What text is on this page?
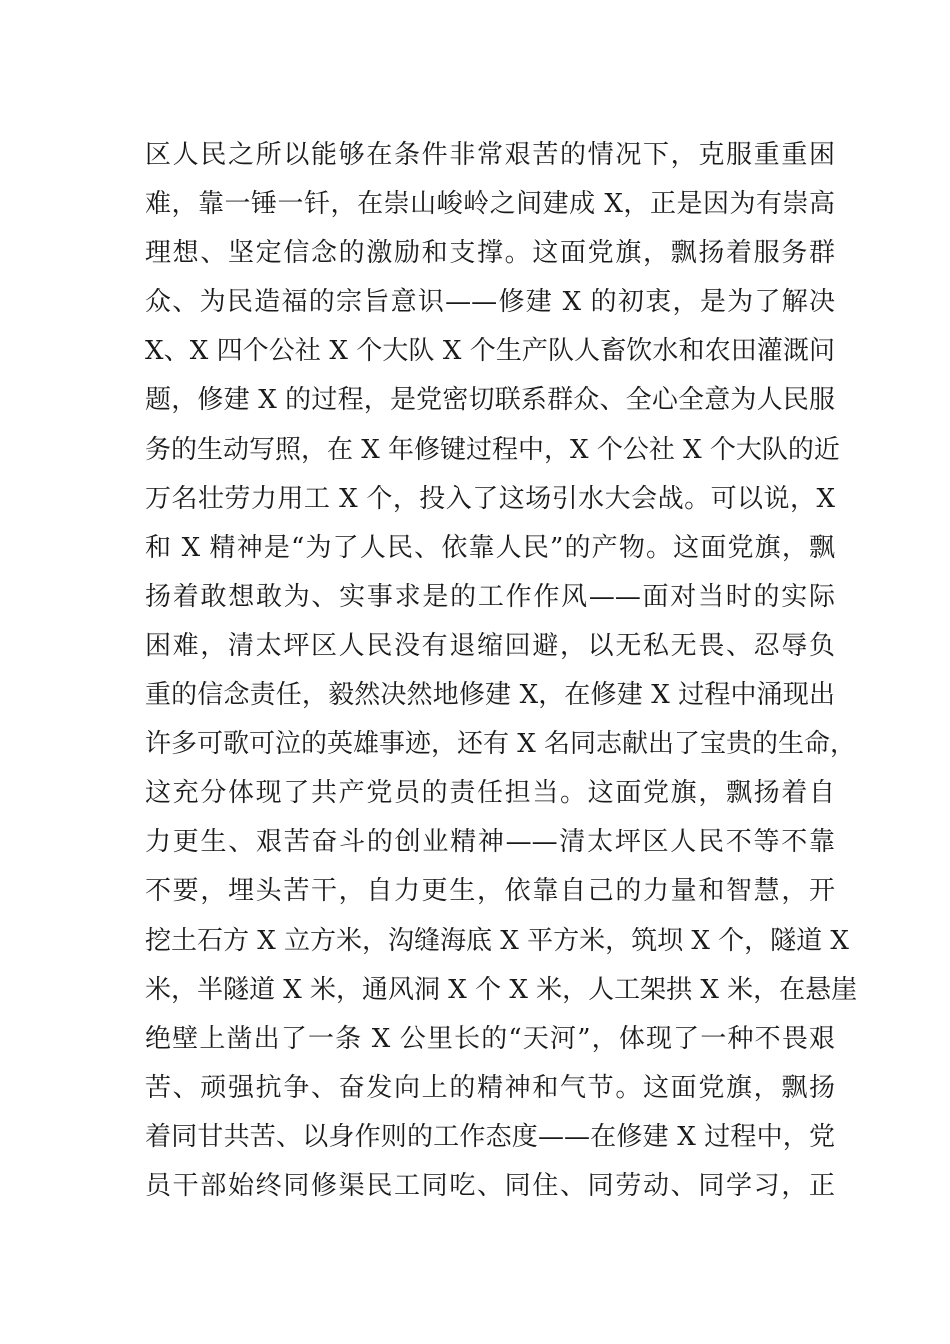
区人民之所以能够在条件非常艰苦的情况下，克服重重困
难，靠一锤一钎，在崇山峻岭之间建成 X，正是因为有崇高
理想、坚定信念的激励和支撑。这面党旗，飘扬着服务群
众、为民造福的宗旨意识——修建 X 的初衷，是为了解决
X、X 四个公社 X 个大队 X 个生产队人畜饮水和农田灌溉问
题，修建 X 的过程，是党密切联系群众、全心全意为人民服
务的生动写照，在 X 年修键过程中，X 个公社 X 个大队的近
万名壮劳力用工 X 个，投入了这场引水大会战。可以说，X
和 X 精神是“为了人民、依靠人民”的产物。这面党旗，飘
扬着敢想敢为、实事求是的工作作风——面对当时的实际
困难，清太坪区人民没有退缩回避，以无私无畏、忍辱负
重的信念责任，毅然决然地修建 X，在修建 X 过程中涌现出
许多可歌可泣的英雄事迹，还有 X 名同志献出了宝贵的生命，
这充分体现了共产党员的责任担当。这面党旗，飘扬着自
力更生、艰苦奋斗的创业精神——清太坪区人民不等不靠
不要，埋头苦干，自力更生，依靠自己的力量和智慧，开
挖土石方 X 立方米，沟缝海底 X 平方米，筑坝 X 个，隧道 X
米，半隧道 X 米，通风洞 X 个 X 米，人工架拱 X 米，在悬崖
绝壁上凿出了一条 X 公里长的“天河”，体现了一种不畏艰
苦、顽强抗争、奋发向上的精神和气节。这面党旗，飘扬
着同甘共苦、以身作则的工作态度——在修建 X 过程中，党
员干部始终同修渠民工同吃、同住、同劳动、同学习，正
